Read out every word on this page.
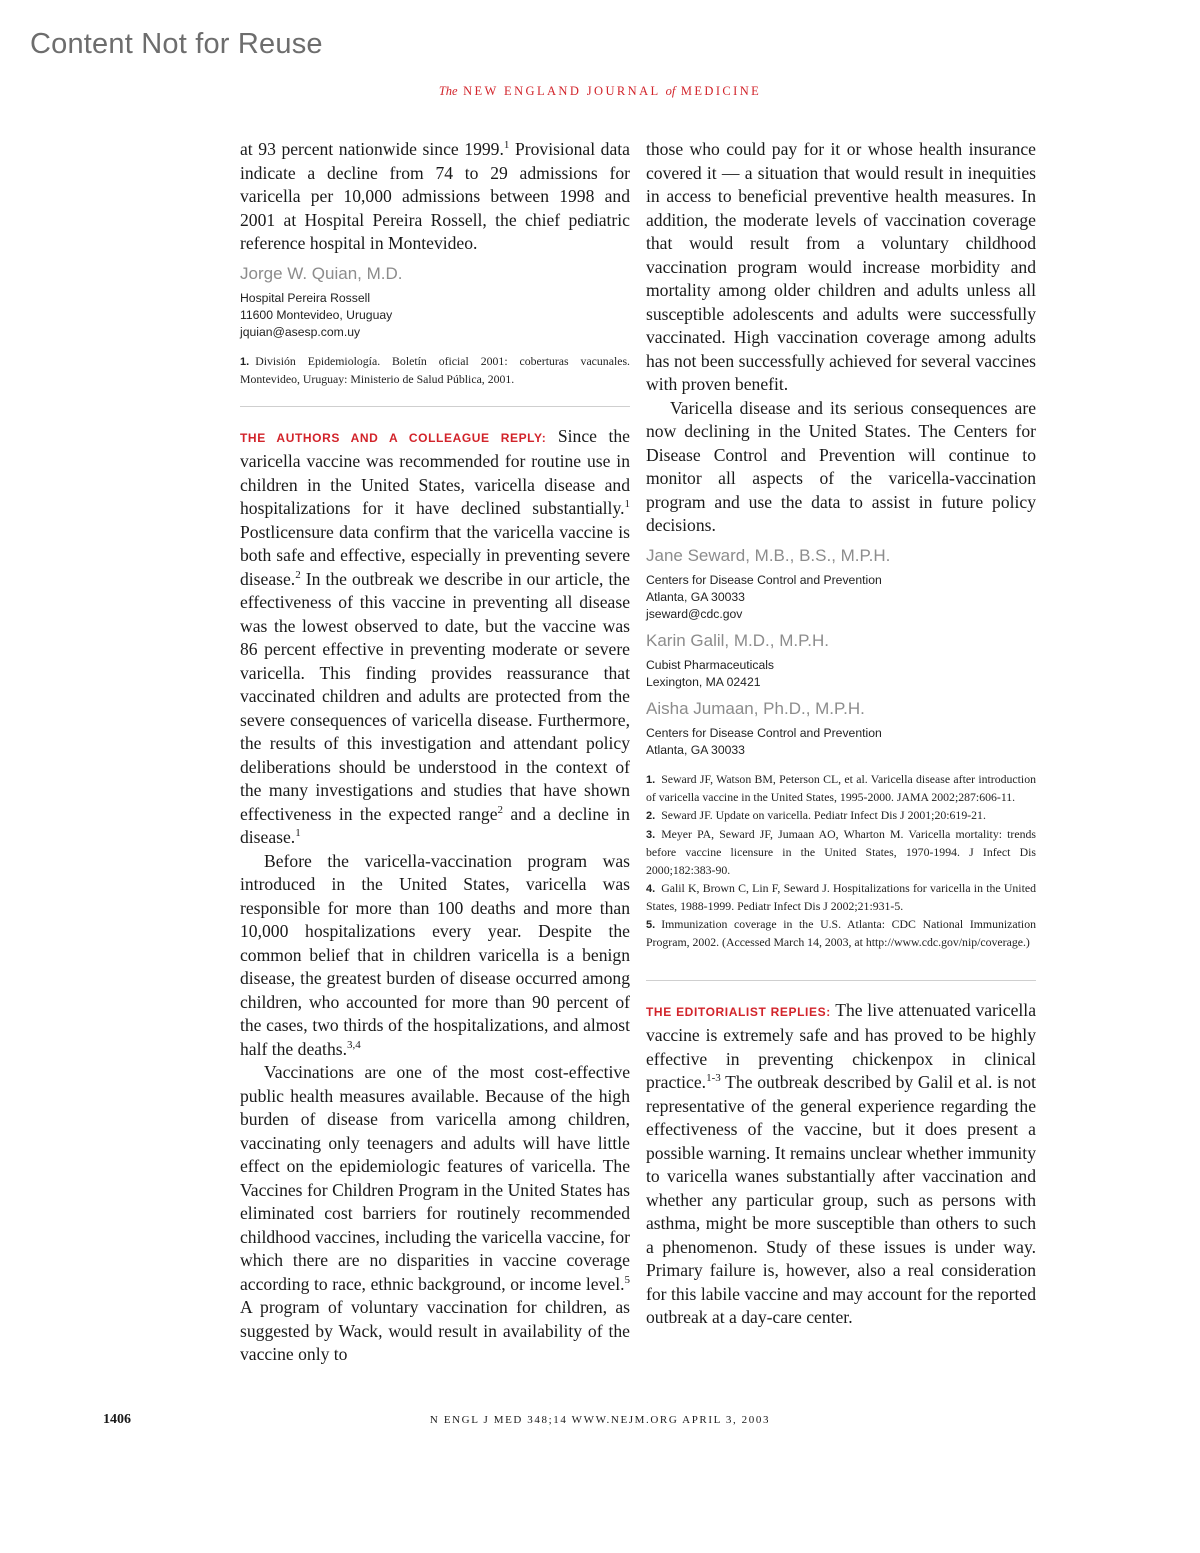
Content Not for Reuse
The NEW ENGLAND JOURNAL of MEDICINE

at 93 percent nationwide since 1999.$^1$ Provisional data indicate a decline from 74 to 29 admissions for varicella per 10,000 admissions between 1998 and 2001 at Hospital Pereira Rossell, the chief pediatric reference hospital in Montevideo.

Jorge W. Quian, M.D.
Hospital Pereira Rossell
11600 Montevideo, Uruguay
jquian@asesp.com.uy

1. División Epidemiología. Boletín oficial 2001: coberturas vacunales. Montevideo, Uruguay: Ministerio de Salud Pública, 2001.

THE AUTHORS AND A COLLEAGUE REPLY: Since the varicella vaccine was recommended for routine use in children in the United States, varicella disease and hospitalizations for it have declined substantially.$^1$ Postlicensure data confirm that the varicella vaccine is both safe and effective, especially in preventing severe disease.$^2$ In the outbreak we describe in our article, the effectiveness of this vaccine in preventing all disease was the lowest observed to date, but the vaccine was 86 percent effective in preventing moderate or severe varicella. This finding provides reassurance that vaccinated children and adults are protected from the severe consequences of varicella disease. Furthermore, the results of this investigation and attendant policy deliberations should be understood in the context of the many investigations and studies that have shown effectiveness in the expected range$^2$ and a decline in disease.$^1$

Before the varicella-vaccination program was introduced in the United States, varicella was responsible for more than 100 deaths and more than 10,000 hospitalizations every year. Despite the common belief that in children varicella is a benign disease, the greatest burden of disease occurred among children, who accounted for more than 90 percent of the cases, two thirds of the hospitalizations, and almost half the deaths.$^{3,4}$

Vaccinations are one of the most cost-effective public health measures available. Because of the high burden of disease from varicella among children, vaccinating only teenagers and adults will have little effect on the epidemiologic features of varicella. The Vaccines for Children Program in the United States has eliminated cost barriers for routinely recommended childhood vaccines, including the varicella vaccine, for which there are no disparities in vaccine coverage according to race, ethnic background, or income level.$^5$ A program of voluntary vaccination for children, as suggested by Wack, would result in availability of the vaccine only to

those who could pay for it or whose health insurance covered it — a situation that would result in inequities in access to beneficial preventive health measures. In addition, the moderate levels of vaccination coverage that would result from a voluntary childhood vaccination program would increase morbidity and mortality among older children and adults unless all susceptible adolescents and adults were successfully vaccinated. High vaccination coverage among adults has not been successfully achieved for several vaccines with proven benefit.

Varicella disease and its serious consequences are now declining in the United States. The Centers for Disease Control and Prevention will continue to monitor all aspects of the varicella-vaccination program and use the data to assist in future policy decisions.

Jane Seward, M.B., B.S., M.P.H.
Centers for Disease Control and Prevention
Atlanta, GA 30033
jseward@cdc.gov
Karin Galil, M.D., M.P.H.
Cubist Pharmaceuticals
Lexington, MA 02421
Aisha Jumaan, Ph.D., M.P.H.
Centers for Disease Control and Prevention
Atlanta, GA 30033

1. Seward JF, Watson BM, Peterson CL, et al. Varicella disease after introduction of varicella vaccine in the United States, 1995-2000. JAMA 2002;287:606-11.

2. Seward JF. Update on varicella. Pediatr Infect Dis J 2001;20:619-21.

3. Meyer PA, Seward JF, Jumaan AO, Wharton M. Varicella mortality: trends before vaccine licensure in the United States, 1970-1994. J Infect Dis 2000;182:383-90.

4. Galil K, Brown C, Lin F, Seward J. Hospitalizations for varicella in the United States, 1988-1999. Pediatr Infect Dis J 2002;21:931-5.

5. Immunization coverage in the U.S. Atlanta: CDC National Immunization Program, 2002. (Accessed March 14, 2003, at http://www.cdc.gov/nip/coverage.)

THE EDITORIALIST REPLIES: The live attenuated varicella vaccine is extremely safe and has proved to be highly effective in preventing chickenpox in clinical practice.$^{1-3}$ The outbreak described by Galil et al. is not representative of the general experience regarding the effectiveness of the vaccine, but it does present a possible warning. It remains unclear whether immunity to varicella wanes substantially after vaccination and whether any particular group, such as persons with asthma, might be more susceptible than others to such a phenomenon. Study of these issues is under way. Primary failure is, however, also a real consideration for this labile vaccine and may account for the reported outbreak at a day-care center.

1406	N ENGL J MED 348;14 WWW.NEJM.ORG APRIL 3, 2003
